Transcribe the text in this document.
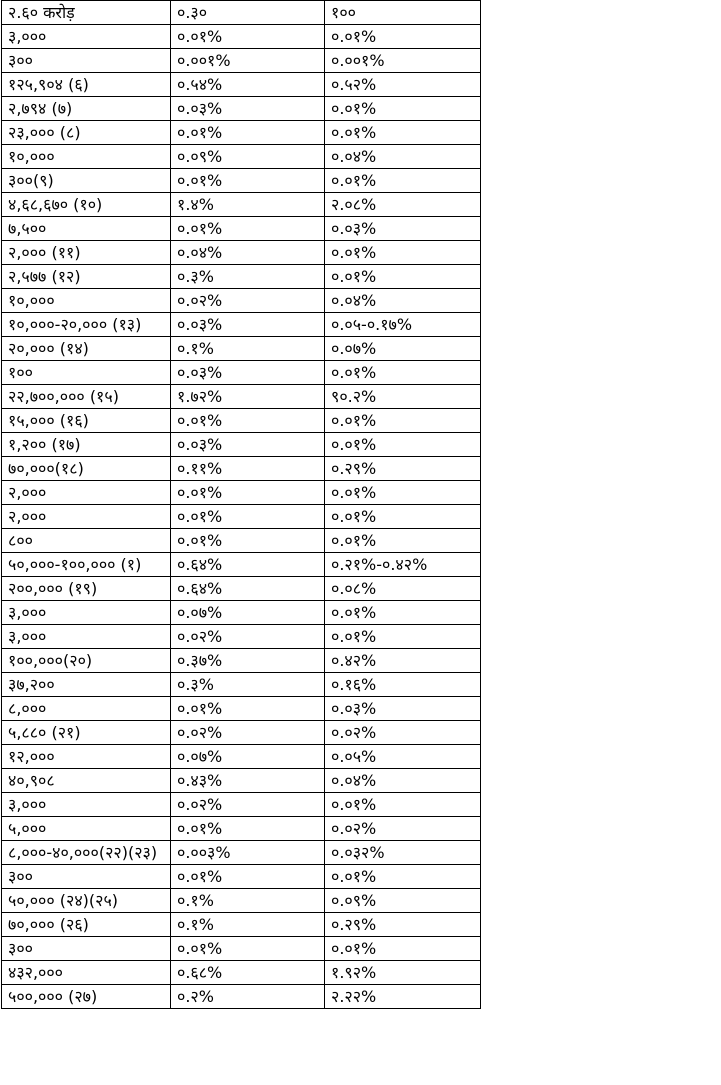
२.६० करोड़	०.३०	१००
३,०००	०.०१%	०.०१%
३००	०.००१%	०.००१%
१२५,९०४ (६)	०.५४%	०.५२%
२,७९४ (७)	०.०३%	०.०१%
२३,००० (८)	०.०१%	०.०१%
१०,०००	०.०९%	०.०४%
३००(९)	०.०१%	०.०१%
४,६८,६७० (१०)	१.४%	२.०८%
७,५००	०.०१%	०.०३%
२,००० (११)	०.०४%	०.०१%
२,५७७ (१२)	०.३%	०.०१%
१०,०००	०.०२%	०.०४%
१०,०००-२०,००० (१३)	०.०३%	०.०५-०.१७%
२०,००० (१४)	०.१%	०.०७%
१००	०.०३%	०.०१%
२२,७००,००० (१५)	१.७२%	९०.२%
१५,००० (१६)	०.०१%	०.०१%
१,२०० (१७)	०.०३%	०.०१%
७०,०००(१८)	०.११%	०.२९%
२,०००	०.०१%	०.०१%
२,०००	०.०१%	०.०१%
८००	०.०१%	०.०१%
५०,०००-१००,००० (१)	०.६४%	०.२१%-०.४२%
२००,००० (१९)	०.६४%	०.०८%
३,०००	०.०७%	०.०१%
३,०००	०.०२%	०.०१%
१००,०००(२०)	०.३७%	०.४२%
३७,२००	०.३%	०.१६%
८,०००	०.०१%	०.०३%
५,८८० (२१)	०.०२%	०.०२%
१२,०००	०.०७%	०.०५%
४०,९०८	०.४३%	०.०४%
३,०००	०.०२%	०.०१%
५,०००	०.०१%	०.०२%
८,०००-४०,०००(२२)(२३)	०.००३%	०.०३२%
३००	०.०१%	०.०१%
५०,००० (२४)(२५)	०.१%	०.०९%
७०,००० (२६)	०.१%	०.२९%
३००	०.०१%	०.०१%
४३२,०००	०.६८%	१.९२%
५००,००० (२७)	०.२%	२.२२%
